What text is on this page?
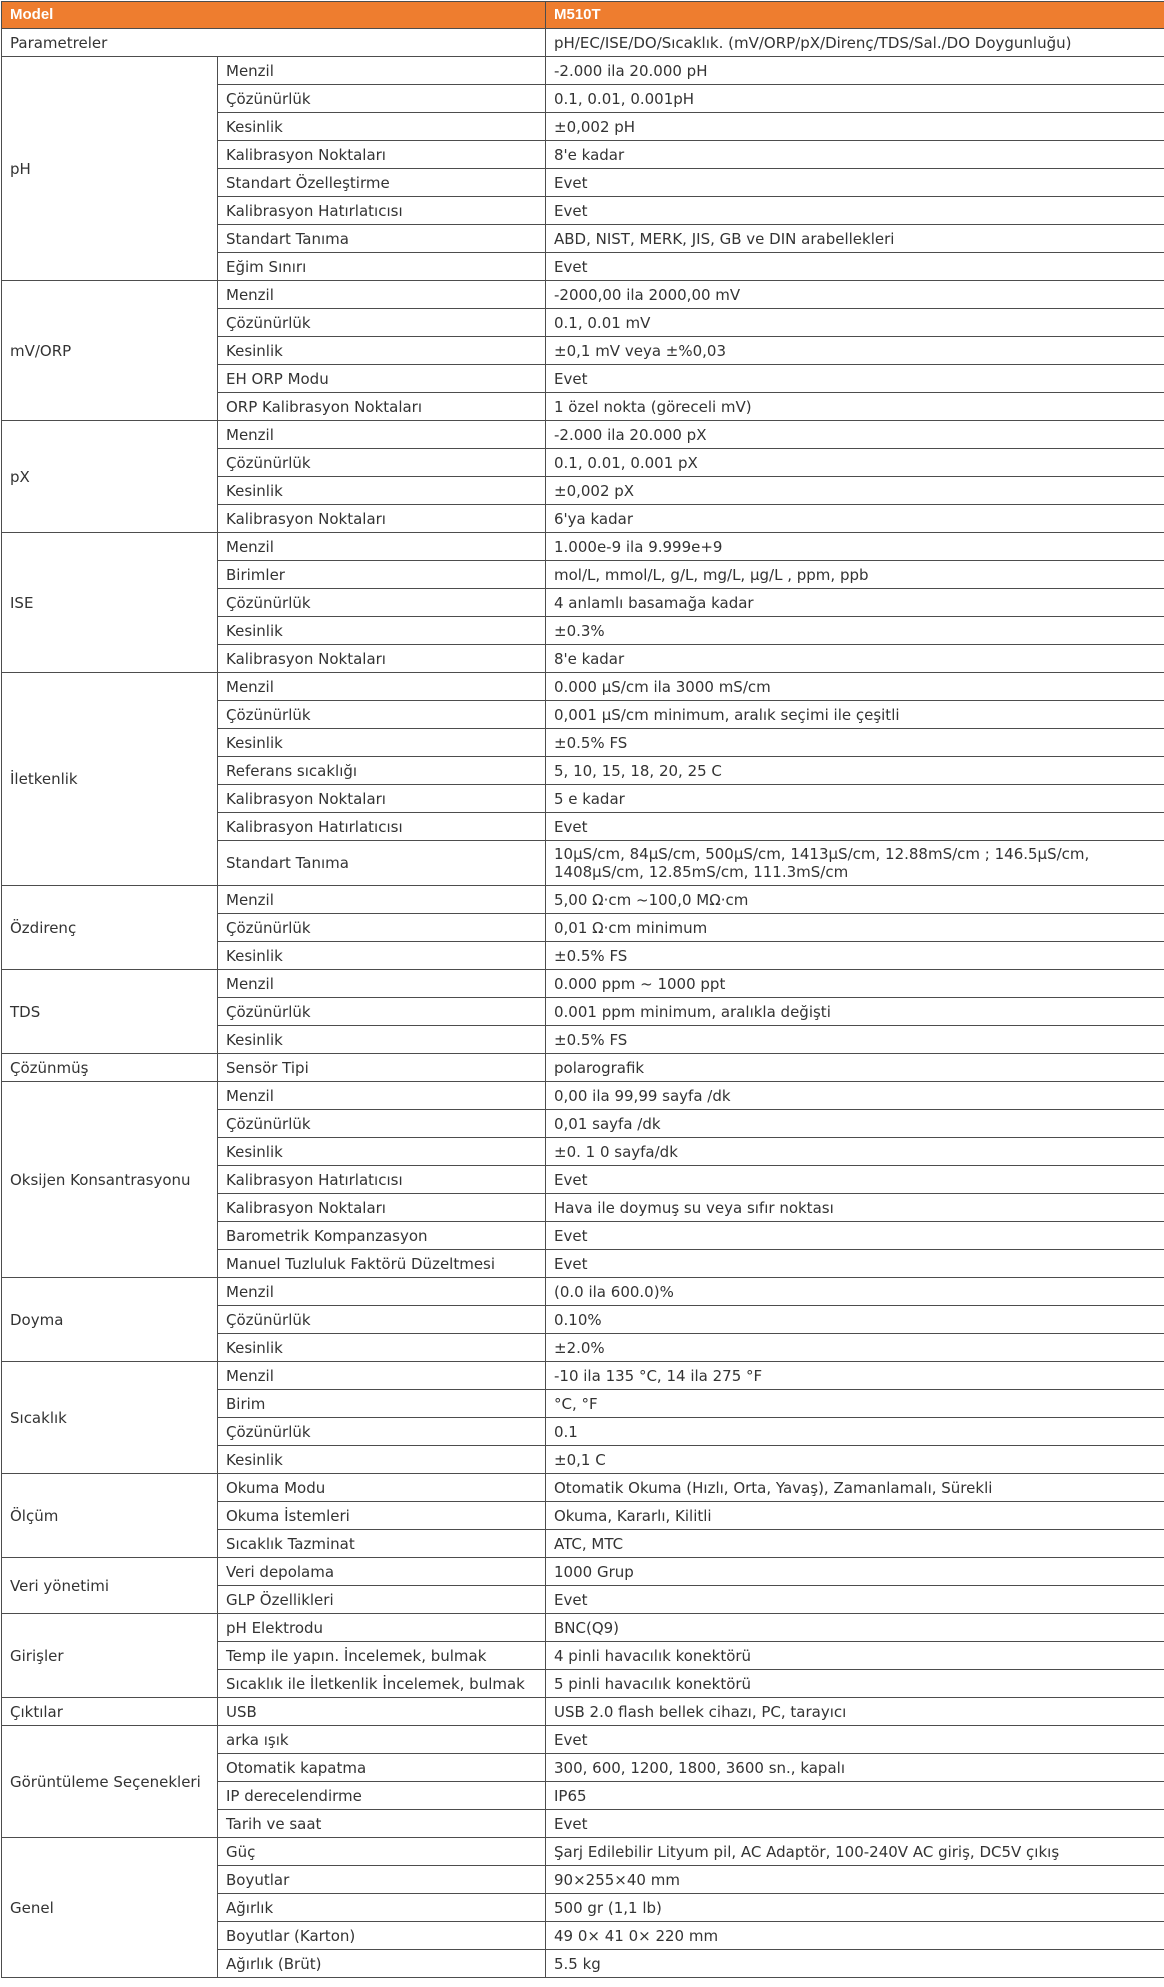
Model		M510T
Parametreler		pH/EC/ISE/DO/Sıcaklık. (mV/ORP/pX/Direnç/TDS/Sal./DO Doygunluğu)
pH	Menzil	-2.000 ila 20.000 pH
	Çözünürlük	0.1, 0.01, 0.001pH
	Kesinlik	±0,002 pH
	Kalibrasyon Noktaları	8'e kadar
	Standart Özelleştirme	Evet
	Kalibrasyon Hatırlatıcısı	Evet
	Standart Tanıma	ABD, NIST, MERK, JIS, GB ve DIN arabellekleri
	Eğim Sınırı	Evet
mV/ORP	Menzil	-2000,00 ila 2000,00 mV
	Çözünürlük	0.1, 0.01 mV
	Kesinlik	±0,1 mV veya ±%0,03
	EH ORP Modu	Evet
	ORP Kalibrasyon Noktaları	1 özel nokta (göreceli mV)
pX	Menzil	-2.000 ila 20.000 pX
	Çözünürlük	0.1, 0.01, 0.001 pX
	Kesinlik	±0,002 pX
	Kalibrasyon Noktaları	6'ya kadar
ISE	Menzil	1.000e-9 ila 9.999e+9
	Birimler	mol/L, mmol/L, g/L, mg/L, μg/L , ppm, ppb
	Çözünürlük	4 anlamlı basamağa kadar
	Kesinlik	±0.3%
	Kalibrasyon Noktaları	8'e kadar
İletkenlik	Menzil	0.000 μS/cm ila 3000 mS/cm
	Çözünürlük	0,001 μS/cm minimum, aralık seçimi ile çeşitli
	Kesinlik	±0.5% FS
	Referans sıcaklığı	5, 10, 15, 18, 20, 25 C
	Kalibrasyon Noktaları	5 e kadar
	Kalibrasyon Hatırlatıcısı	Evet
	Standart Tanıma	10μS/cm, 84μS/cm, 500μS/cm, 1413μS/cm, 12.88mS/cm ; 146.5μS/cm, 1408μS/cm, 12.85mS/cm, 111.3mS/cm
Özdirenç	Menzil	5,00 Ω·cm ~100,0 MΩ·cm
	Çözünürlük	0,01 Ω·cm minimum
	Kesinlik	±0.5% FS
TDS	Menzil	0.000 ppm ~ 1000 ppt
	Çözünürlük	0.001 ppm minimum, aralıkla değişti
	Kesinlik	±0.5% FS
Çözünmüş	Sensör Tipi	polarografik
Oksijen Konsantrasyonu	Menzil	0,00 ila 99,99 sayfa /dk
	Çözünürlük	0,01 sayfa /dk
	Kesinlik	±0. 1 0 sayfa/dk
	Kalibrasyon Hatırlatıcısı	Evet
	Kalibrasyon Noktaları	Hava ile doymuş su veya sıfır noktası
	Barometrik Kompanzasyon	Evet
	Manuel Tuzluluk Faktörü Düzeltmesi	Evet
Doyma	Menzil	(0.0 ila 600.0)%
	Çözünürlük	0.10%
	Kesinlik	±2.0%
Sıcaklık	Menzil	-10 ila 135 °C, 14 ila 275 °F
	Birim	°C, °F
	Çözünürlük	0.1
	Kesinlik	±0,1 C
Ölçüm	Okuma Modu	Otomatik Okuma (Hızlı, Orta, Yavaş), Zamanlamalı, Sürekli
	Okuma İstemleri	Okuma, Kararlı, Kilitli
	Sıcaklık Tazminat	ATC, MTC
Veri yönetimi	Veri depolama	1000 Grup
	GLP Özellikleri	Evet
Girişler	pH Elektrodu	BNC(Q9)
	Temp ile yapın. İncelemek, bulmak	4 pinli havacılık konektörü
	Sıcaklık ile İletkenlik İncelemek, bulmak	5 pinli havacılık konektörü
Çıktılar	USB	USB 2.0 flash bellek cihazı, PC, tarayıcı
Görüntüleme Seçenekleri	arka ışık	Evet
	Otomatik kapatma	300, 600, 1200, 1800, 3600 sn., kapalı
	IP derecelendirme	IP65
	Tarih ve saat	Evet
Genel	Güç	Şarj Edilebilir Lityum pil, AC Adaptör, 100-240V AC giriş, DC5V çıkış
	Boyutlar	90×255×40 mm
	Ağırlık	500 gr (1,1 lb)
	Boyutlar (Karton)	49 0× 41 0× 220 mm
	Ağırlık (Brüt)	5.5 kg
